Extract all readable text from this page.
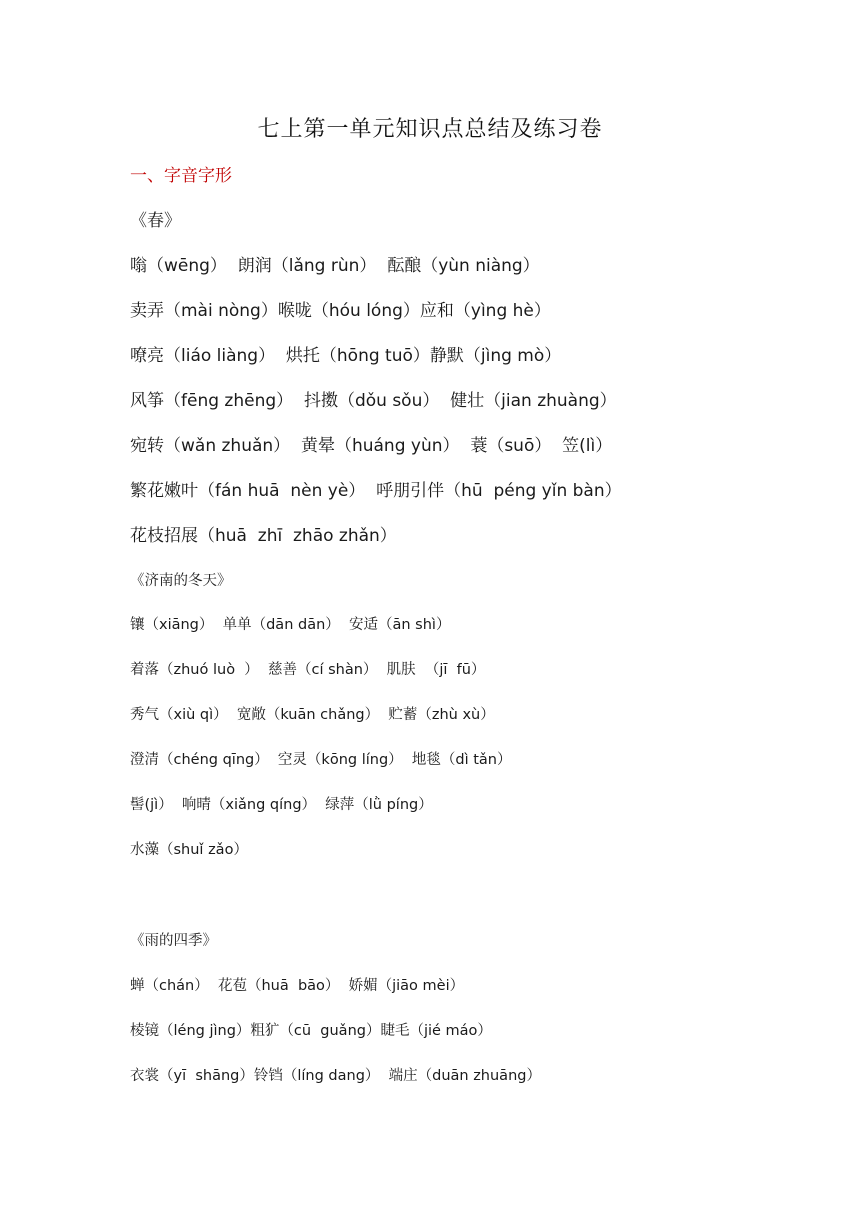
七上第一单元知识点总结及练习卷
一、字音字形
《春》
嗡（wēng）  朗润（lǎng rùn）  酝酿（yùn niàng）
卖弄（mài nòng）喉咙（hóu lóng）应和（yìng hè）
嘹亮（liáo liàng）  烘托（hōng tuō）静默（jìng mò）
风筝（fēng zhēng）  抖擞（dǒu sǒu）  健壮（jian zhuàng）
宛转（wǎn zhuǎn）  黄晕（huáng yùn）  蓑（suō）  笠(lì）
繁花嫩叶（fán huā  nèn yè）  呼朋引伴（hū  péng yǐn bàn）
花枝招展（huā  zhī  zhāo zhǎn）
《济南的冬天》
镶（xiāng）  单单（dān dān）  安适（ān shì）
着落（zhuó luò  ）  慈善（cí shàn）  肌肤  （jī  fū）
秀气（xiù qì）  宽敞（kuān chǎng）  贮蓄（zhù xù）
澄清（chéng qīng）  空灵（kōng líng）  地毯（dì tǎn）
髻(jì）  响晴（xiǎng qíng）  绿萍（lǜ píng）
水藻（shuǐ zǎo）
《雨的四季》
蝉（chán）  花苞（huā  bāo）  娇媚（jiāo mèi）
棱镜（léng jìng）粗犷（cū  guǎng）睫毛（jié máo）
衣裳（yī  shāng）铃铛（líng dang）  端庄（duān zhuāng）
